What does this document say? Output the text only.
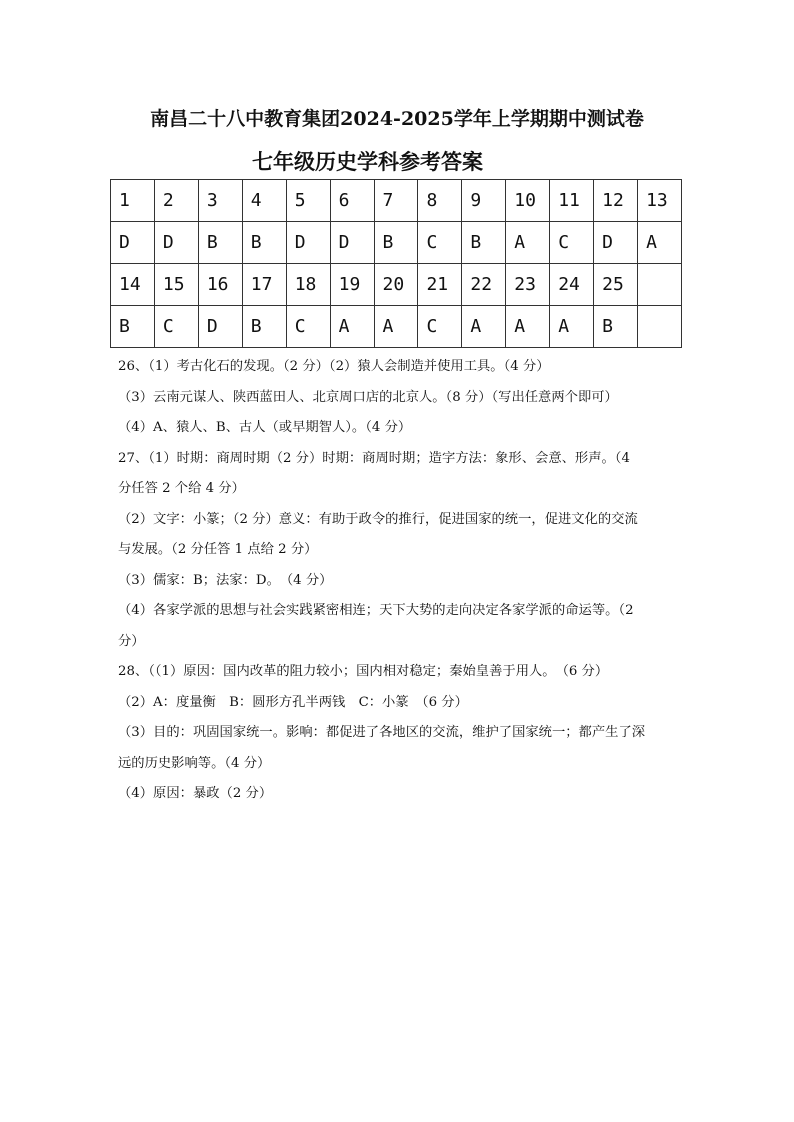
南昌二十八中教育集团2024-2025学年上学期期中测试卷
七年级历史学科参考答案
1	2	3	4	5	6	7	8	9	10	11	12	13
D	D	B	B	D	D	B	C	B	A	C	D	A
14	15	16	17	18	19	20	21	22	23	24	25	
B	C	D	B	C	A	A	C	A	A	A	B	
26、（1）考古化石的发现。（2 分）（2）猿人会制造并使用工具。（4 分）
（3）云南元谋人、陕西蓝田人、北京周口店的北京人。（8 分）（写出任意两个即可）
（4）A、猿人、B、古人（或早期智人）。（4 分）
27、（1）时期：商周时期（2 分）时期：商周时期；造字方法：象形、会意、形声。（4
分任答 2 个给 4 分）
（2）文字：小篆；（2 分）意义：有助于政令的推行，促进国家的统一，促进文化的交流
与发展。（2 分任答 1 点给 2 分）
（3）儒家：B；法家：D。　（4 分）
（4）各家学派的思想与社会实践紧密相连；天下大势的走向决定各家学派的命运等。（2
分）
28、（（1）原因：国内改革的阻力较小；国内相对稳定；秦始皇善于用人。　（6 分）
（2）A：度量衡　B：圆形方孔半两钱　C：小篆　（6 分）
（3）目的：巩固国家统一。影响：都促进了各地区的交流，维护了国家统一；都产生了深
远的历史影响等。（4 分）
（4）原因：暴政（2 分）
